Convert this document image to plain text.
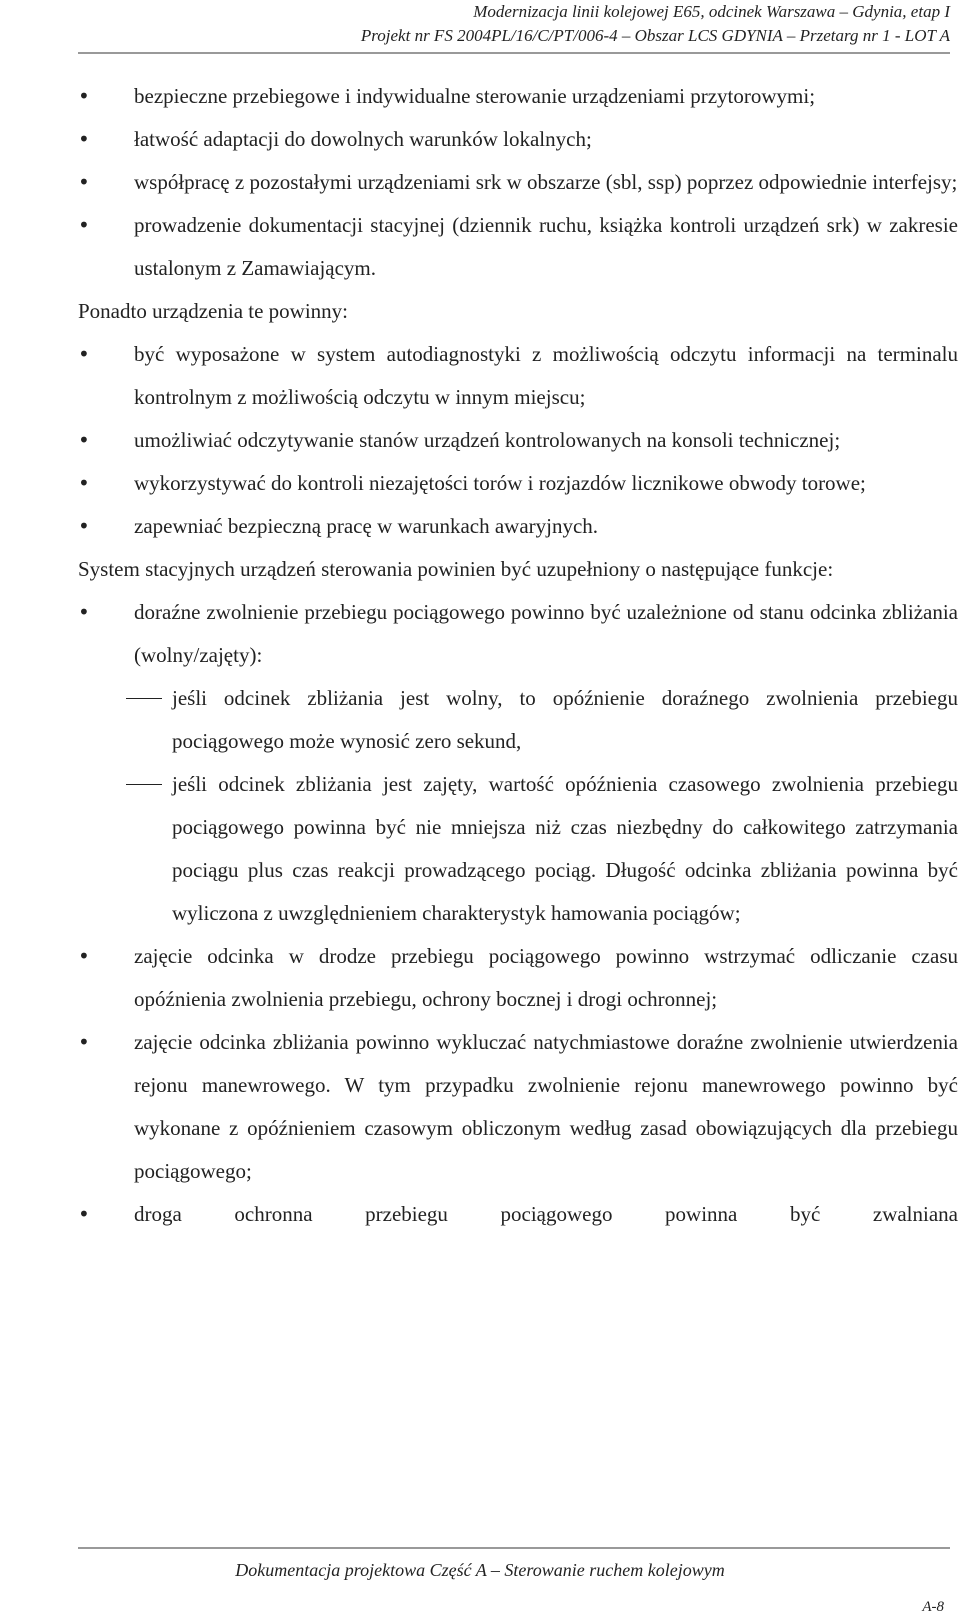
Modernizacja linii kolejowej E65, odcinek Warszawa – Gdynia, etap I
Projekt nr FS 2004PL/16/C/PT/006-4 – Obszar LCS GDYNIA – Przetarg nr 1 - LOT A
• bezpieczne przebiegowe i indywidualne sterowanie urządzeniami przytorowymi;
• łatwość adaptacji do dowolnych warunków lokalnych;
• współpracę z pozostałymi urządzeniami srk w obszarze (sbl, ssp) poprzez odpowiednie interfejsy;
• prowadzenie dokumentacji stacyjnej (dziennik ruchu, książka kontroli urządzeń srk) w zakresie ustalonym z Zamawiającym.
Ponadto urządzenia te powinny:
• być wyposażone w system autodiagnostyki z możliwością odczytu informacji na terminalu kontrolnym z możliwością odczytu w innym miejscu;
• umożliwiać odczytywanie stanów urządzeń kontrolowanych na konsoli technicznej;
• wykorzystywać do kontroli niezajętości torów i rozjazdów licznikowe obwody torowe;
• zapewniać bezpieczną pracę w warunkach awaryjnych.
System stacyjnych urządzeń sterowania powinien być uzupełniony o następujące funkcje:
• doraźne zwolnienie przebiegu pociągowego powinno być uzależnione od stanu odcinka zbliżania (wolny/zajęty):
jeśli odcinek zbliżania jest wolny, to opóźnienie doraźnego zwolnienia przebiegu pociągowego może wynosić zero sekund,
jeśli odcinek zbliżania jest zajęty, wartość opóźnienia czasowego zwolnienia przebiegu pociągowego powinna być nie mniejsza niż czas niezbędny do całkowitego zatrzymania pociągu plus czas reakcji prowadzącego pociąg. Długość odcinka zbliżania powinna być wyliczona z uwzględnieniem charakterystyk hamowania pociągów;
• zajęcie odcinka w drodze przebiegu pociągowego powinno wstrzymać odliczanie czasu opóźnienia zwolnienia przebiegu, ochrony bocznej i drogi ochronnej;
• zajęcie odcinka zbliżania powinno wykluczać natychmiastowe doraźne zwolnienie utwierdzenia rejonu manewrowego. W tym przypadku zwolnienie rejonu manewrowego powinno być wykonane z opóźnieniem czasowym obliczonym według zasad obowiązujących dla przebiegu pociągowego;
• droga ochronna przebiegu pociągowego powinna być zwalniana
Dokumentacja projektowa Część A – Sterowanie ruchem kolejowym
A-8
